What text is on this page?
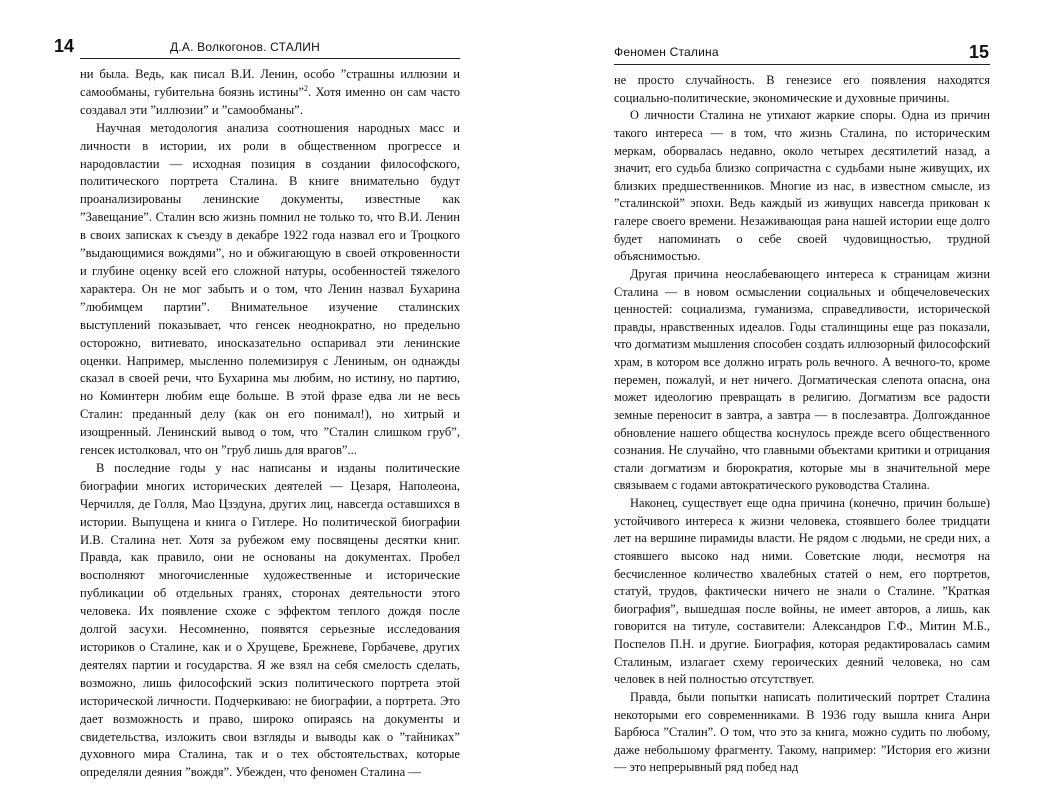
14	Д.А. Волкогонов. СТАЛИН

ни была. Ведь, как писал В.И. Ленин, особо ”страшны иллюзии и самообманы, губительна боязнь истины”$^2$. Хотя именно он сам часто создавал эти ”иллюзии” и ”самообманы”.

Научная методология анализа соотношения народных масс и личности в истории, их роли в общественном прогрессе и народовластии — исходная позиция в создании философского, политического портрета Сталина. В книге внимательно будут проанализированы ленинские документы, известные как ”Завещание”. Сталин всю жизнь помнил не только то, что В.И. Ленин в своих записках к съезду в декабре 1922 года назвал его и Троцкого ”выдающимися вождями”, но и обжигающую в своей откровенности и глубине оценку всей его сложной натуры, особенностей тяжелого характера. Он не мог забыть и о том, что Ленин назвал Бухарина ”любимцем партии”. Внимательное изучение сталинских выступлений показывает, что генсек неоднократно, но предельно осторожно, витиевато, иносказательно оспаривал эти ленинские оценки. Например, мысленно полемизируя с Лениным, он однажды сказал в своей речи, что Бухарина мы любим, но истину, но партию, но Коминтерн любим еще больше. В этой фразе едва ли не весь Сталин: преданный делу (как он его понимал!), но хитрый и изощренный. Ленинский вывод о том, что ”Сталин слишком груб”, генсек истолковал, что он ”груб лишь для врагов”...

В последние годы у нас написаны и изданы политические биографии многих исторических деятелей — Цезаря, Наполеона, Черчилля, де Голля, Мао Цзэдуна, других лиц, навсегда оставшихся в истории. Выпущена и книга о Гитлере. Но политической биографии И.В. Сталина нет. Хотя за рубежом ему посвящены десятки книг. Правда, как правило, они не основаны на документах. Пробел восполняют многочисленные художественные и исторические публикации об отдельных гранях, сторонах деятельности этого человека. Их появление схоже с эффектом теплого дождя после долгой засухи. Несомненно, появятся серьезные исследования историков о Сталине, как и о Хрущеве, Брежневе, Горбачеве, других деятелях партии и государства. Я же взял на себя смелость сделать, возможно, лишь философский эскиз политического портрета этой исторической личности. Подчеркиваю: не биографии, а портрета. Это дает возможность и право, широко опираясь на документы и свидетельства, изложить свои взгляды и выводы как о ”тайниках” духовного мира Сталина, так и о тех обстоятельствах, которые определяли деяния ”вождя”. Убежден, что феномен Сталина —

Феномен Сталина	15

не просто случайность. В генезисе его появления находятся социально-политические, экономические и духовные причины.

О личности Сталина не утихают жаркие споры. Одна из причин такого интереса — в том, что жизнь Сталина, по историческим меркам, оборвалась недавно, около четырех десятилетий назад, а значит, его судьба близко сопричастна с судьбами ныне живущих, их близких предшественников. Многие из нас, в известном смысле, из ”сталинской” эпохи. Ведь каждый из живущих навсегда прикован к галере своего времени. Незаживающая рана нашей истории еще долго будет напоминать о себе своей чудовищностью, трудной объяснимостью.

Другая причина неослабевающего интереса к страницам жизни Сталина — в новом осмыслении социальных и общечеловеческих ценностей: социализма, гуманизма, справедливости, исторической правды, нравственных идеалов. Годы сталинщины еще раз показали, что догматизм мышления способен создать иллюзорный философский храм, в котором все должно играть роль вечного. А вечного-то, кроме перемен, пожалуй, и нет ничего. Догматическая слепота опасна, она может идеологию превращать в религию. Догматизм все радости земные переносит в завтра, а завтра — в послезавтра. Долгожданное обновление нашего общества коснулось прежде всего общественного сознания. Не случайно, что главными объектами критики и отрицания стали догматизм и бюрократия, которые мы в значительной мере связываем с годами автократического руководства Сталина.

Наконец, существует еще одна причина (конечно, причин больше) устойчивого интереса к жизни человека, стоявшего более тридцати лет на вершине пирамиды власти. Не рядом с людьми, не среди них, а стоявшего высоко над ними. Советские люди, несмотря на бесчисленное количество хвалебных статей о нем, его портретов, статуй, трудов, фактически ничего не знали о Сталине. ”Краткая биография”, вышедшая после войны, не имеет авторов, а лишь, как говорится на титуле, составители: Александров Г.Ф., Митин М.Б., Поспелов П.Н. и другие. Биография, которая редактировалась самим Сталиным, излагает схему героических деяний человека, но сам человек в ней полностью отсутствует.

Правда, были попытки написать политический портрет Сталина некоторыми его современниками. В 1936 году вышла книга Анри Барбюса ”Сталин”. О том, что это за книга, можно судить по любому, даже небольшому фрагменту. Такому, например: ”История его жизни — это непрерывный ряд побед над
